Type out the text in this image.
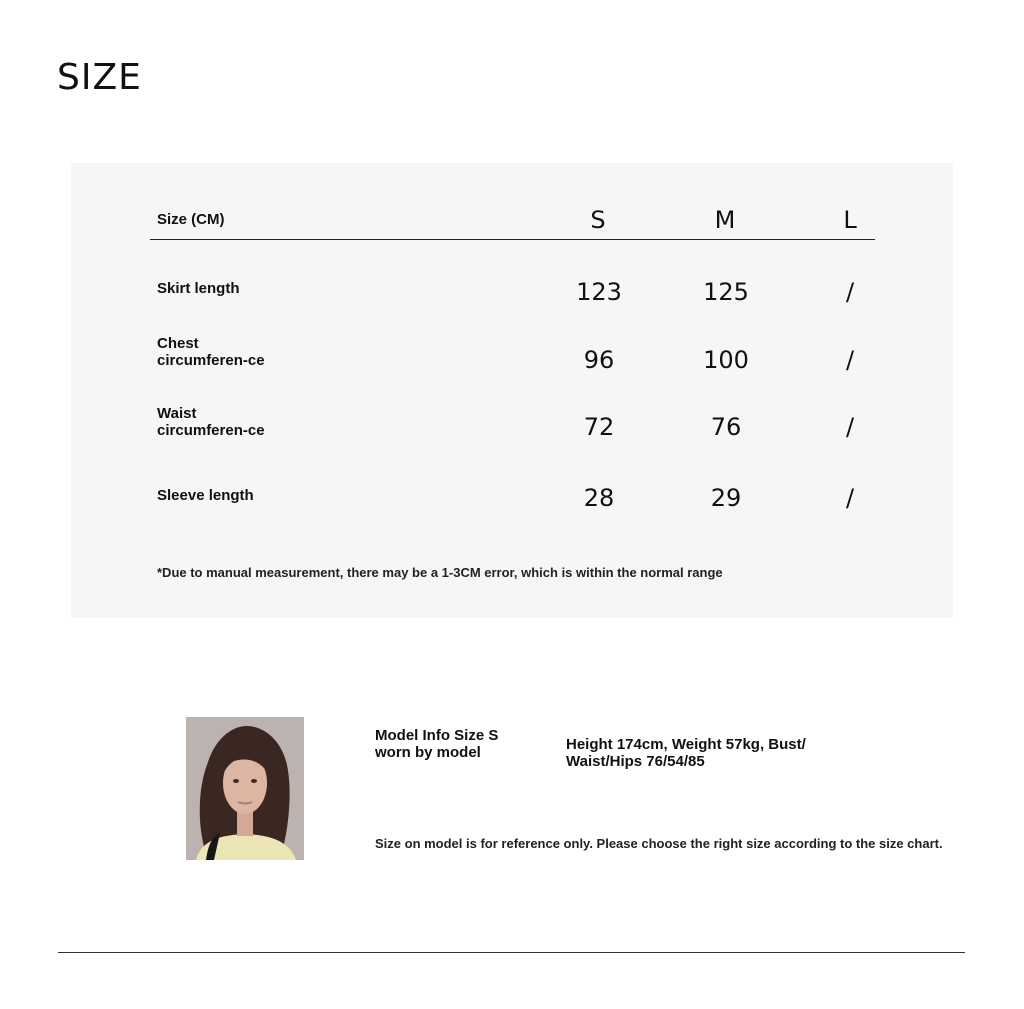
SIZE
Size (CM)	S	M	L
Skirt length	123	125	/
Chest circumferen-ce	96	100	/
Waist circumferen-ce	72	76	/
Sleeve length	28	29	/
*Due to manual measurement, there may be a 1-3CM error, which is within the normal range
Model Info Size S worn by model	Height 174cm, Weight 57kg, Bust/ Waist/Hips 76/54/85
Size on model is for reference only. Please choose the right size according to the size chart.
